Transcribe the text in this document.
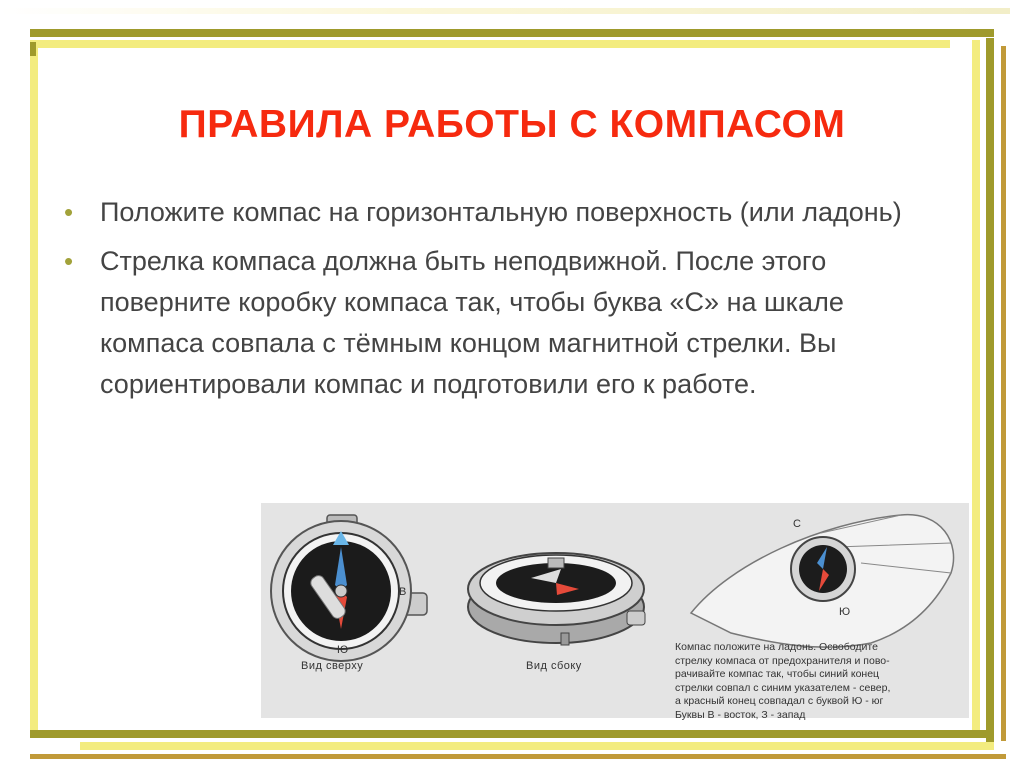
ПРАВИЛА РАБОТЫ С КОМПАСОМ
• Положите компас на горизонтальную поверхность (или ладонь)
• Стрелка компаса должна быть неподвижной. После этого поверните коробку компаса так, чтобы буква «С» на шкале компаса совпала с тёмным концом магнитной стрелки. Вы сориентировали компас и подготовили его к работе.
В
Ю
С
Ю
Вид сверху	Вид сбоку
Компас положите на ладонь. Освободите
стрелку компаса от предохранителя и пово-
рачивайте компас так, чтобы синий конец
стрелки совпал с синим указателем - север,
а красный конец совпадал с буквой Ю - юг
Буквы В - восток, З - запад
